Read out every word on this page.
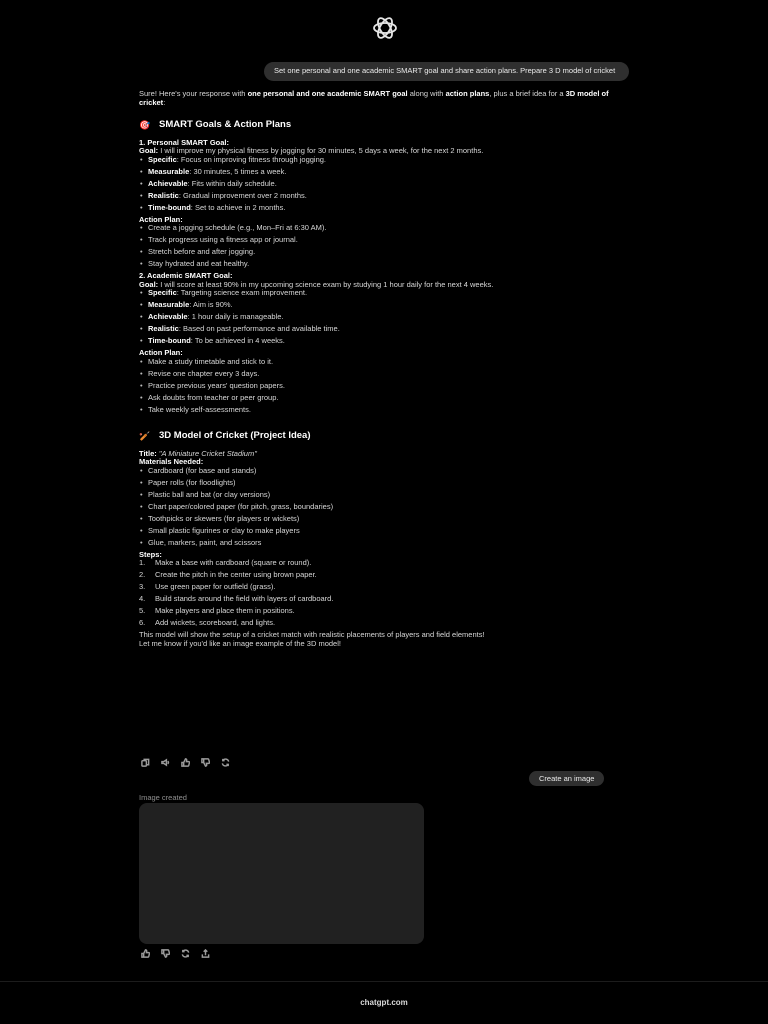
Set one personal and one academic SMART goal and share action plans. Prepare 3 D model of cricket

Sure! Here's your response with one personal and one academic SMART goal along with action plans, plus a brief idea for a 3D model of cricket:

🎯 SMART Goals & Action Plans

1. Personal SMART Goal:

Goal: I will improve my physical fitness by jogging for 30 minutes, 5 days a week, for the next 2 months.

• Specific: Focus on improving fitness through jogging.
• Measurable: 30 minutes, 5 times a week.
• Achievable: Fits within daily schedule.
• Realistic: Gradual improvement over 2 months.
• Time-bound: Set to achieve in 2 months.

Action Plan:

• Create a jogging schedule (e.g., Mon–Fri at 6:30 AM).
• Track progress using a fitness app or journal.
• Stretch before and after jogging.
• Stay hydrated and eat healthy.

2. Academic SMART Goal:

Goal: I will score at least 90% in my upcoming science exam by studying 1 hour daily for the next 4 weeks.

• Specific: Targeting science exam improvement.
• Measurable: Aim is 90%.
• Achievable: 1 hour daily is manageable.
• Realistic: Based on past performance and available time.
• Time-bound: To be achieved in 4 weeks.

Action Plan:

• Make a study timetable and stick to it.
• Revise one chapter every 3 days.
• Practice previous years' question papers.
• Ask doubts from teacher or peer group.
• Take weekly self-assessments.
🏏 3D Model of Cricket (Project Idea)

Title: "A Miniature Cricket Stadium"

Materials Needed:

• Cardboard (for base and stands)
• Paper rolls (for floodlights)
• Plastic ball and bat (or clay versions)
• Chart paper/colored paper (for pitch, grass, boundaries)
• Toothpicks or skewers (for players or wickets)
• Small plastic figurines or clay to make players
• Glue, markers, paint, and scissors

Steps:

1.	Make a base with cardboard (square or round).
2.	Create the pitch in the center using brown paper.
3.	Use green paper for outfield (grass).
4.	Build stands around the field with layers of cardboard.
5.	Make players and place them in positions.
6.	Add wickets, scoreboard, and lights.

This model will show the setup of a cricket match with realistic placements of players and field elements!

Let me know if you'd like an image example of the 3D model!

Create an image
Image created
chatgpt.com
